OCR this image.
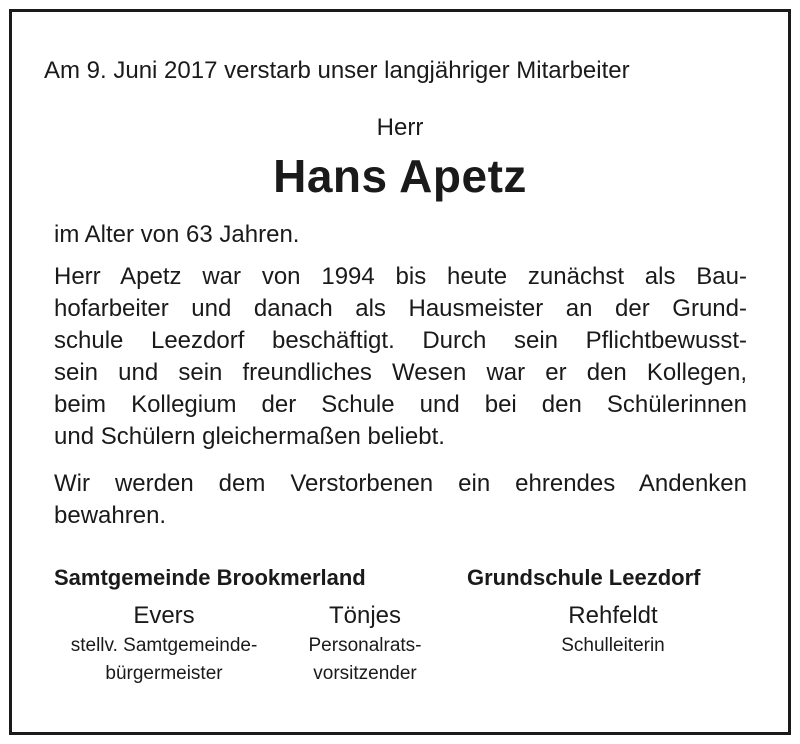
Am 9. Juni 2017 verstarb unser langjähriger Mitarbeiter
Herr
Hans Apetz
im Alter von 63 Jahren.
Herr Apetz war von 1994 bis heute zunächst als Bau-
hofarbeiter und danach als Hausmeister an der Grund-
schule Leezdorf beschäftigt. Durch sein Pflichtbewusst-
sein und sein freundliches Wesen war er den Kollegen,
beim Kollegium der Schule und bei den Schülerinnen
und Schülern gleichermaßen beliebt.
Wir werden dem Verstorbenen ein ehrendes Andenken
bewahren.
Samtgemeinde Brookmerland	Grundschule Leezdorf
Evers
stellv. Samtgemeinde-
bürgermeister
Tönjes
Personalrats-
vorsitzender
Rehfeldt
Schulleiterin
